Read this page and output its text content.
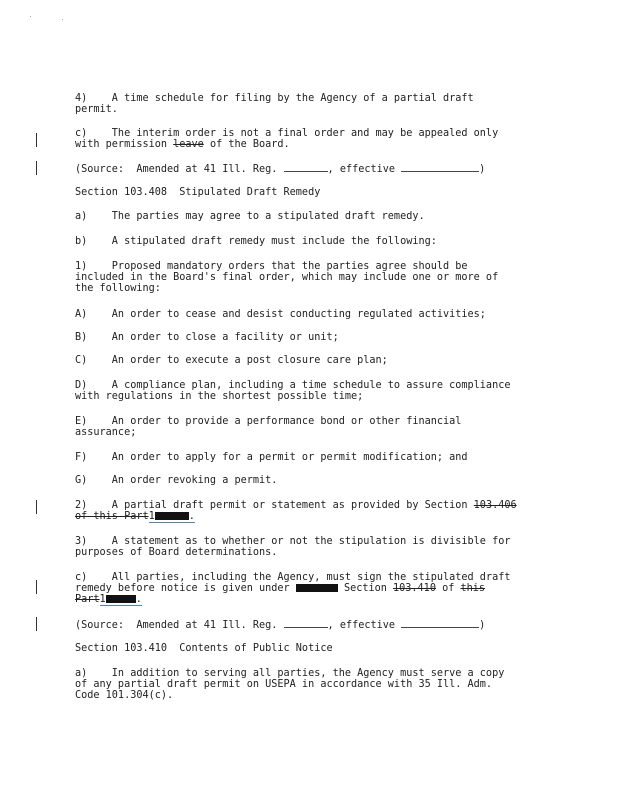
4)    A time schedule for filing by the Agency of a partial draft
permit.
c)    The interim order is not a final order and may be appealed only
with permission leave of the Board.
(Source:  Amended at 41 Ill. Reg.	, effective	)
Section 103.408  Stipulated Draft Remedy
a)    The parties may agree to a stipulated draft remedy.
b)    A stipulated draft remedy must include the following:
1)    Proposed mandatory orders that the parties agree should be
included in the Board's final order, which may include one or more of
the following:
A)    An order to cease and desist conducting regulated activities;
B)    An order to close a facility or unit;
C)    An order to execute a post closure care plan;
D)    A compliance plan, including a time schedule to assure compliance
with regulations in the shortest possible time;
E)    An order to provide a performance bond or other financial
assurance;
F)    An order to apply for a permit or permit modification; and
G)    An order revoking a permit.
2)    A partial draft permit or statement as provided by Section 103.406
of this Part1	.
3)    A statement as to whether or not the stipulation is divisible for
purposes of Board determinations.
c)    All parties, including the Agency, must sign the stipulated draft
remedy before notice is given under	Section 103.410 of this
Part1	.
(Source:  Amended at 41 Ill. Reg.	, effective	)
Section 103.410  Contents of Public Notice
a)    In addition to serving all parties, the Agency must serve a copy
of any partial draft permit on USEPA in accordance with 35 Ill. Adm.
Code 101.304(c).
